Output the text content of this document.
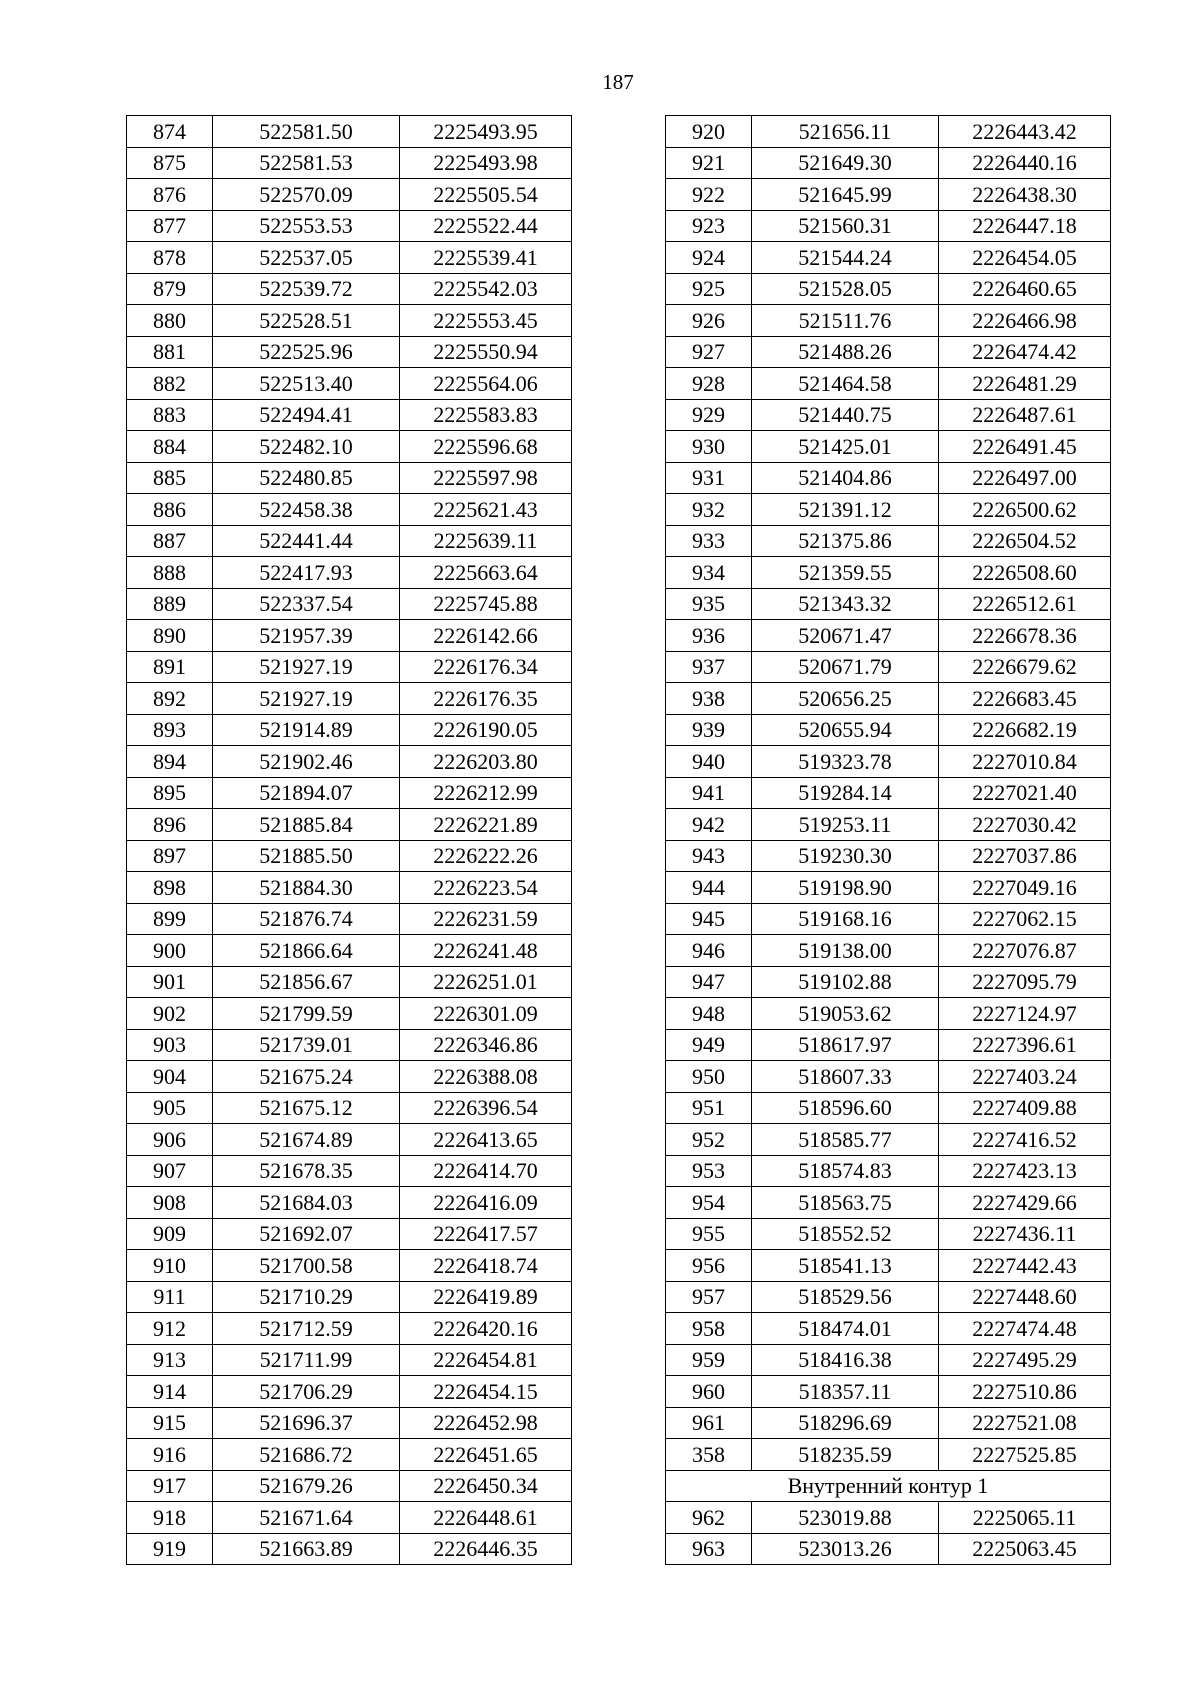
187
874	522581.50	2225493.95
875	522581.53	2225493.98
876	522570.09	2225505.54
877	522553.53	2225522.44
878	522537.05	2225539.41
879	522539.72	2225542.03
880	522528.51	2225553.45
881	522525.96	2225550.94
882	522513.40	2225564.06
883	522494.41	2225583.83
884	522482.10	2225596.68
885	522480.85	2225597.98
886	522458.38	2225621.43
887	522441.44	2225639.11
888	522417.93	2225663.64
889	522337.54	2225745.88
890	521957.39	2226142.66
891	521927.19	2226176.34
892	521927.19	2226176.35
893	521914.89	2226190.05
894	521902.46	2226203.80
895	521894.07	2226212.99
896	521885.84	2226221.89
897	521885.50	2226222.26
898	521884.30	2226223.54
899	521876.74	2226231.59
900	521866.64	2226241.48
901	521856.67	2226251.01
902	521799.59	2226301.09
903	521739.01	2226346.86
904	521675.24	2226388.08
905	521675.12	2226396.54
906	521674.89	2226413.65
907	521678.35	2226414.70
908	521684.03	2226416.09
909	521692.07	2226417.57
910	521700.58	2226418.74
911	521710.29	2226419.89
912	521712.59	2226420.16
913	521711.99	2226454.81
914	521706.29	2226454.15
915	521696.37	2226452.98
916	521686.72	2226451.65
917	521679.26	2226450.34
918	521671.64	2226448.61
919	521663.89	2226446.35
920	521656.11	2226443.42
921	521649.30	2226440.16
922	521645.99	2226438.30
923	521560.31	2226447.18
924	521544.24	2226454.05
925	521528.05	2226460.65
926	521511.76	2226466.98
927	521488.26	2226474.42
928	521464.58	2226481.29
929	521440.75	2226487.61
930	521425.01	2226491.45
931	521404.86	2226497.00
932	521391.12	2226500.62
933	521375.86	2226504.52
934	521359.55	2226508.60
935	521343.32	2226512.61
936	520671.47	2226678.36
937	520671.79	2226679.62
938	520656.25	2226683.45
939	520655.94	2226682.19
940	519323.78	2227010.84
941	519284.14	2227021.40
942	519253.11	2227030.42
943	519230.30	2227037.86
944	519198.90	2227049.16
945	519168.16	2227062.15
946	519138.00	2227076.87
947	519102.88	2227095.79
948	519053.62	2227124.97
949	518617.97	2227396.61
950	518607.33	2227403.24
951	518596.60	2227409.88
952	518585.77	2227416.52
953	518574.83	2227423.13
954	518563.75	2227429.66
955	518552.52	2227436.11
956	518541.13	2227442.43
957	518529.56	2227448.60
958	518474.01	2227474.48
959	518416.38	2227495.29
960	518357.11	2227510.86
961	518296.69	2227521.08
358	518235.59	2227525.85
Внутренний контур 1		
962	523019.88	2225065.11
963	523013.26	2225063.45
